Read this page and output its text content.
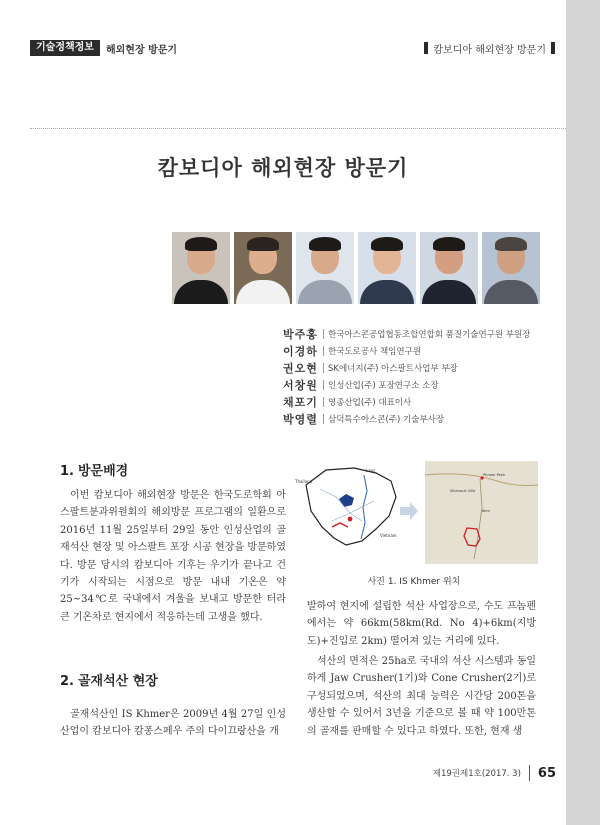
기술정책정보	해외현장 방문기	캄보디아 해외현장 방문기
캄보디아 해외현장 방문기
박주홍	한국아스콘공업협동조합연합회 품질기술연구원 부원장
이경하	한국도로공사 책임연구원
권오현	SK에너지(주) 아스팔트사업부 부장
서창원	인성산업(주) 포장연구소 소장
채포기	영종산업(주) 대표이사
박영렬	삼덕특수아스콘(주) 기술부사장
1. 방문배경

이번 캄보디아 해외현장 방문은 한국도로학회 아스팔트분과위원회의 해외방문 프로그램의 일환으로 2016년 11월 25일부터 29일 동안 인성산업의 골재석산 현장 및 아스팔트 포장 시공 현장을 방문하였다. 방문 당시의 캄보디아 기후는 우기가 끝나고 건기가 시작되는 시점으로 방문 내내 기온은 약 25~34℃로 국내에서 겨울을 보내고 방문한 터라 큰 기온차로 현지에서 적응하는데 고생을 했다.

2. 골재석산 현장

골재석산인 IS Khmer은 2009년 4월 27일 인성산업이 캄보디아 캄퐁스페우 주의 다이끄랑산을 개

Thailand
Laos
Vietnam
Phnom Penh
Sihanouk Ville
6km
사진 1. IS Khmer 위치

발하여 현지에 설립한 석산 사업장으로, 수도 프놈펜에서는 약 66km(58km(Rd. No 4)+6km(지방도)+진입로 2km) 떨어져 있는 거리에 있다.

석산의 면적은 25ha로 국내의 석산 시스템과 동일하게 Jaw Crusher(1기)와 Cone Crusher(2기)로 구성되었으며, 석산의 최대 능력은 시간당 200톤을 생산할 수 있어서 3년을 기준으로 볼 때 약 100만톤의 골재를 판매할 수 있다고 하였다. 또한, 현재 생

제19권제1호(2017. 3) 65
